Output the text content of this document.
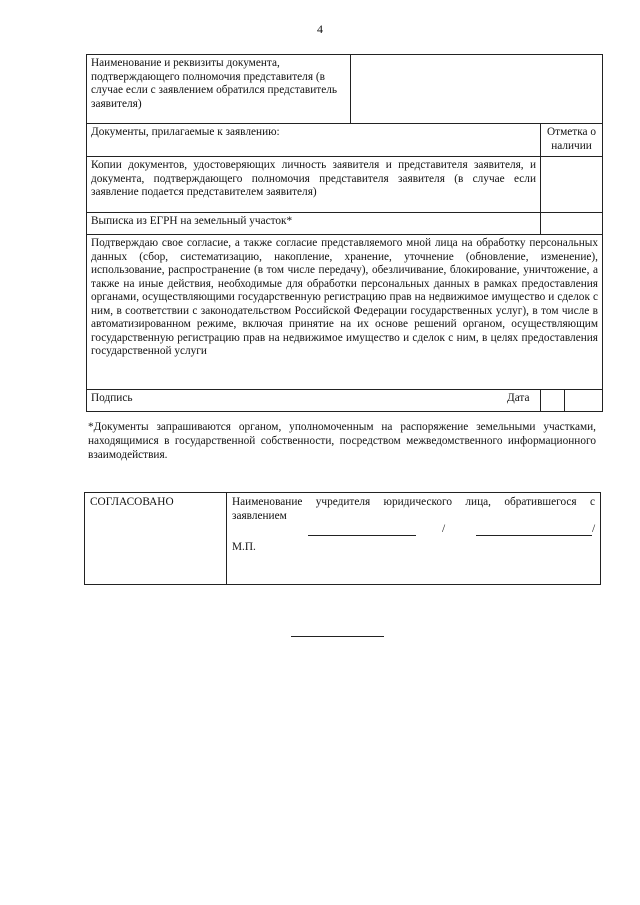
4
Наименование и реквизиты документа, подтверждающего полномочия представителя (в случае если с заявлением обратился представитель заявителя)		
Документы, прилагаемые к заявлению:		Отметка о наличии
Копии документов, удостоверяющих личность заявителя и представителя заявителя, и документа, подтверждающего полномочия представителя заявителя (в случае если заявление подается представителем заявителя)		
Выписка из ЕГРН на земельный участок*		
Подтверждаю свое согласие, а также согласие представляемого мной лица на обработку персональных данных (сбор, систематизацию, накопление, хранение, уточнение (обновление, изменение), использование, распространение (в том числе передачу), обезличивание, блокирование, уничтожение, а также на иные действия, необходимые для обработки персональных данных в рамках предоставления органами, осуществляющими государственную регистрацию прав на недвижимое имущество и сделок с ним, в соответствии с законодательством Российской Федерации государственных услуг), в том числе в автоматизированном режиме, включая принятие на их основе решений органом, осуществляющим государственную регистрацию прав на недвижимое имущество и сделок с ним, в целях предоставления государственной услуги		
Подпись		Дата

*Документы запрашиваются органом, уполномоченным на распоряжение земельными участками, находящимися в государственной собственности, посредством межведомственного информационного взаимодействия.

СОГЛАСОВАНО	Наименование учредителя юридического лица, обратившегося с заявлением
/	/
М.П.
